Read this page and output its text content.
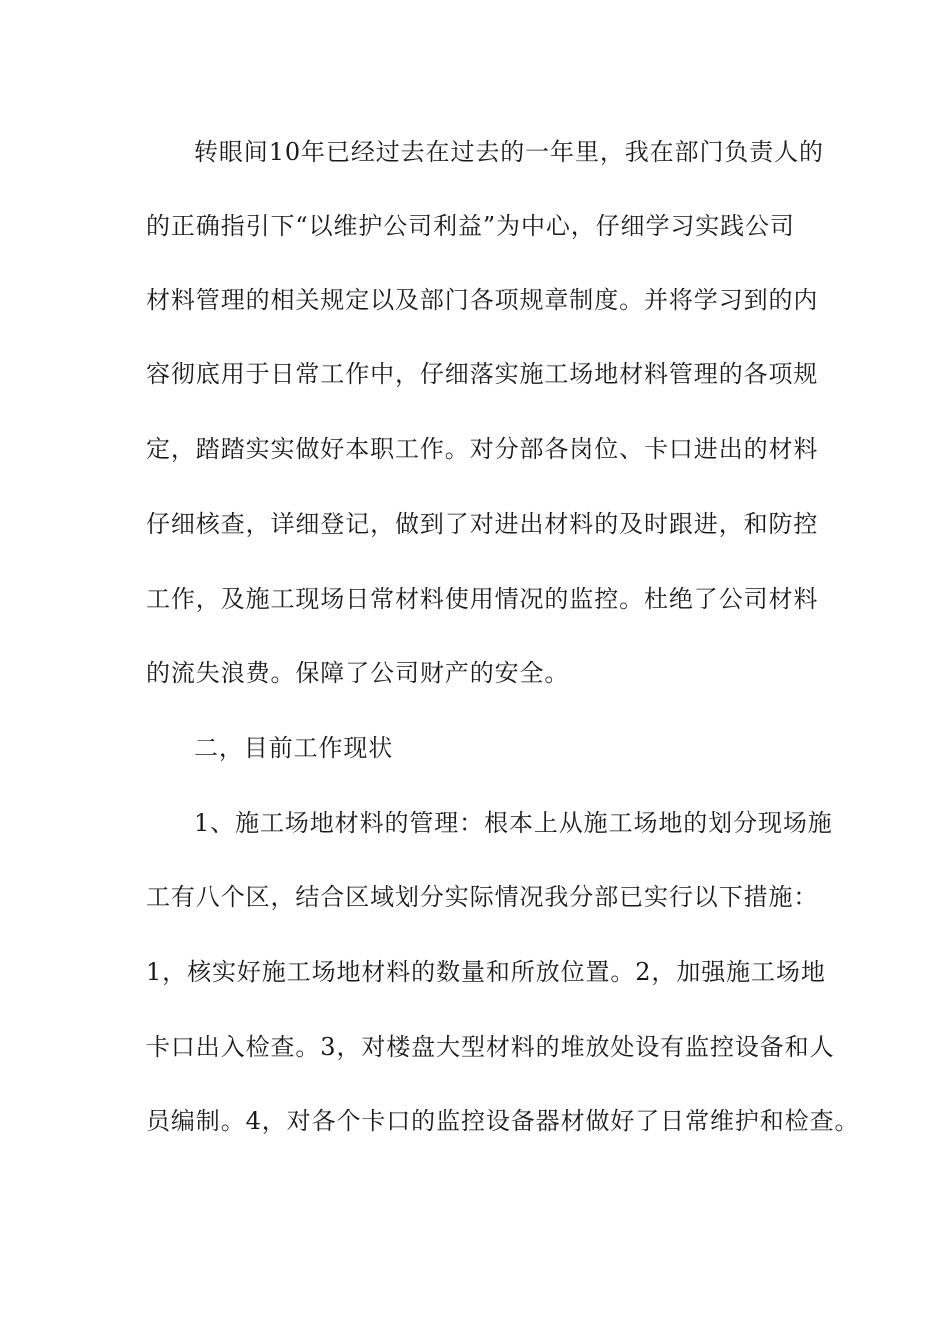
转眼间10年已经过去在过去的一年里，我在部门负责人的
的正确指引下“以维护公司利益”为中心，仔细学习实践公司
材料管理的相关规定以及部门各项规章制度。并将学习到的内
容彻底用于日常工作中，仔细落实施工场地材料管理的各项规
定，踏踏实实做好本职工作。对分部各岗位、卡口进出的材料
仔细核查，详细登记，做到了对进出材料的及时跟进，和防控
工作，及施工现场日常材料使用情况的监控。杜绝了公司材料
的流失浪费。保障了公司财产的安全。
二，目前工作现状
1、施工场地材料的管理：根本上从施工场地的划分现场施
工有八个区，结合区域划分实际情况我分部已实行以下措施：
1，核实好施工场地材料的数量和所放位置。2，加强施工场地
卡口出入检查。3，对楼盘大型材料的堆放处设有监控设备和人
员编制。4，对各个卡口的监控设备器材做好了日常维护和检查。
